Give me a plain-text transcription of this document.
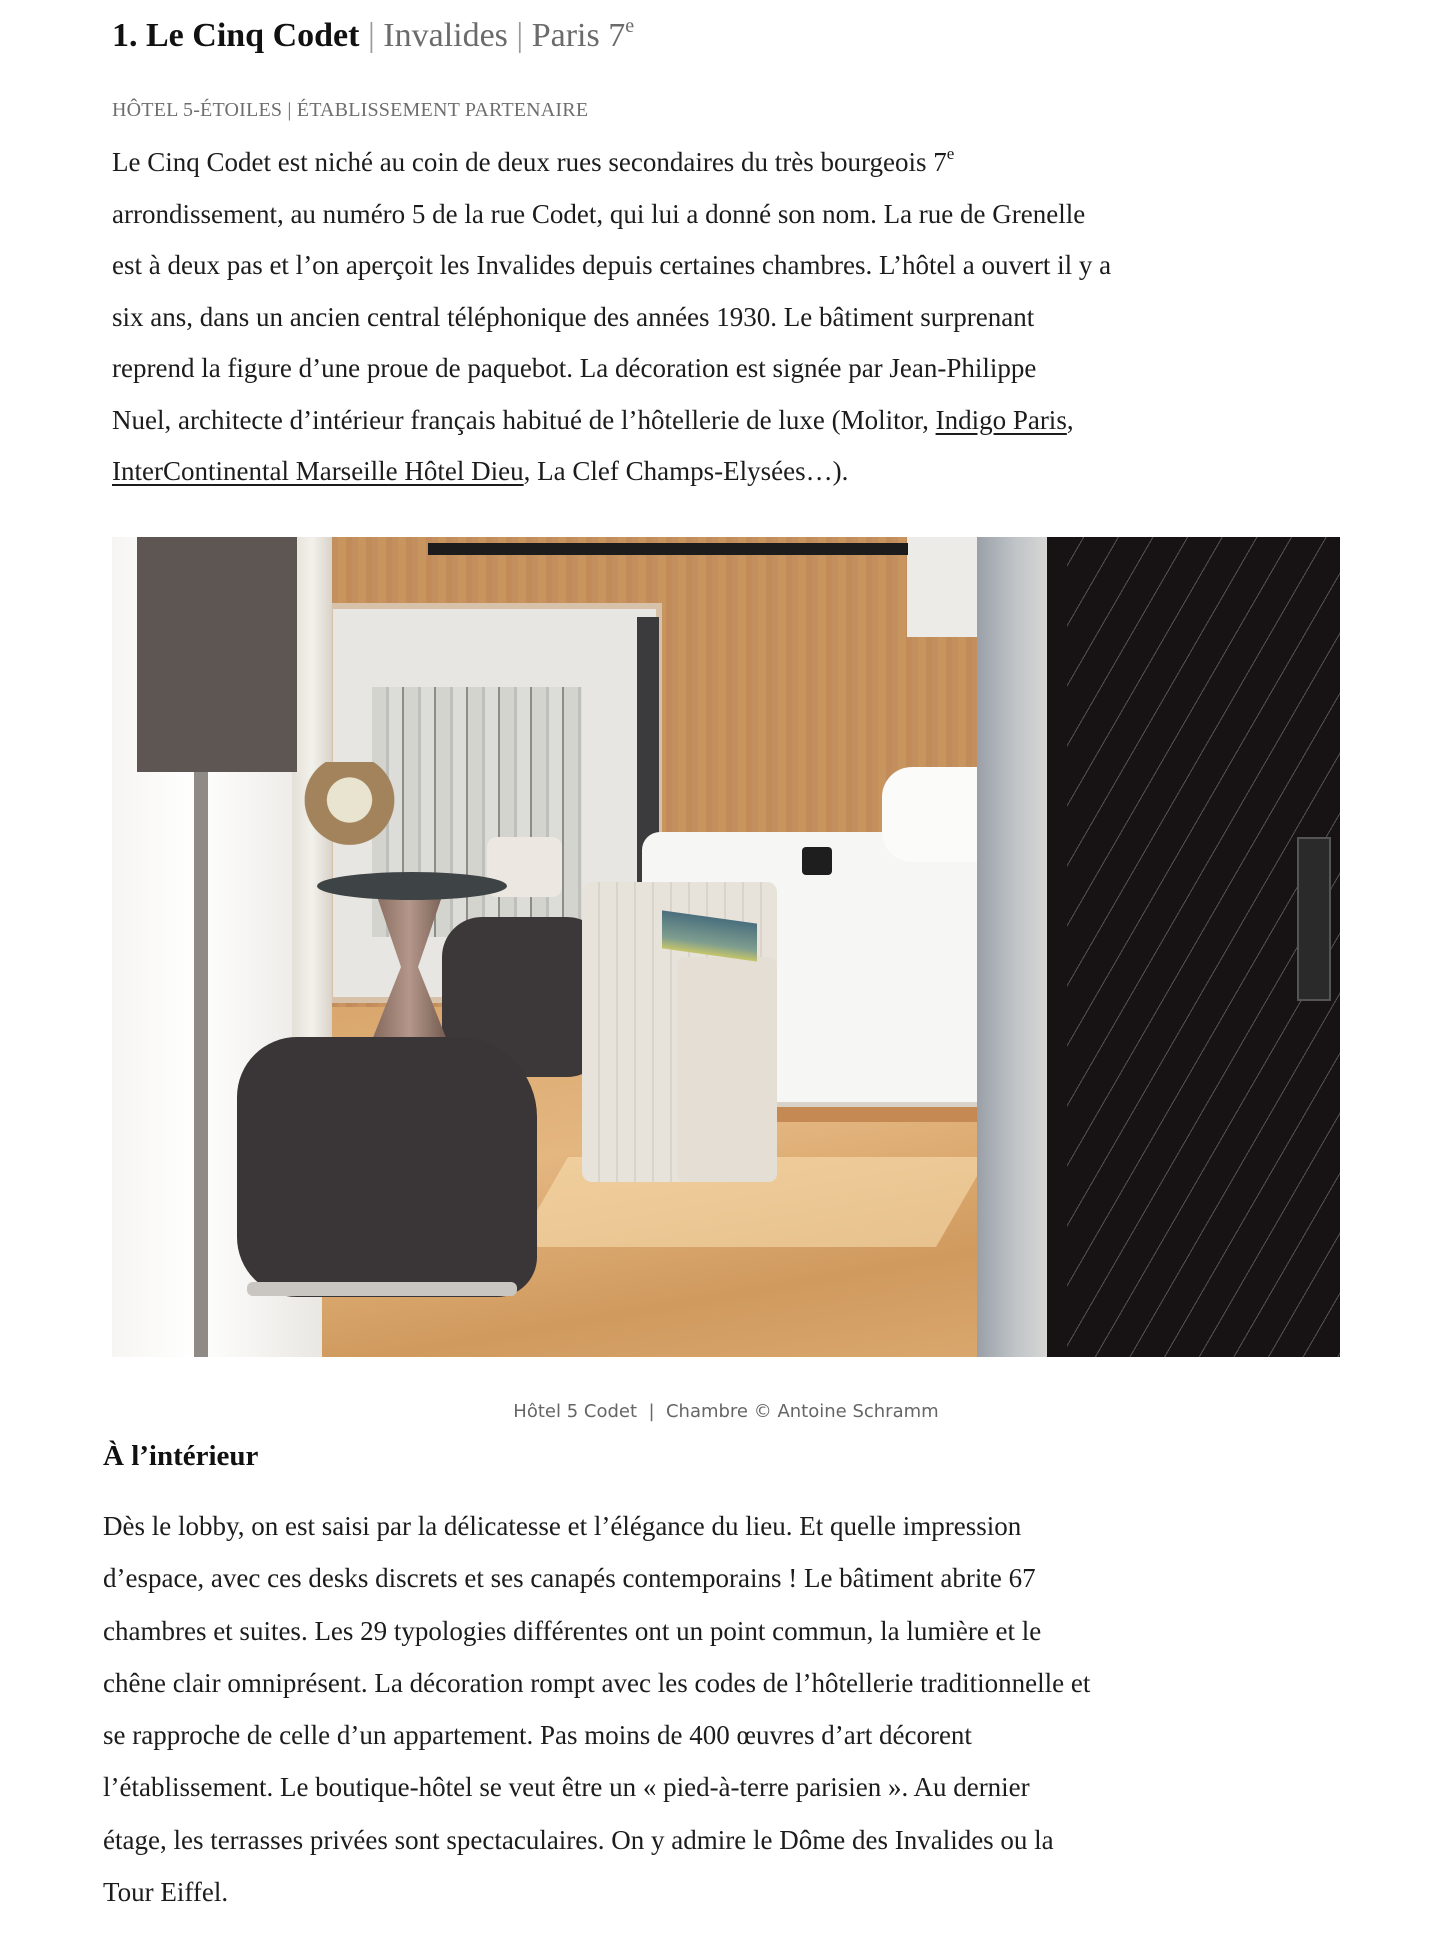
1. Le Cinq Codet | Invalides | Paris 7e

HÔTEL 5-ÉTOILES | ÉTABLISSEMENT PARTENAIRE

Le Cinq Codet est niché au coin de deux rues secondaires du très bourgeois 7e
arrondissement, au numéro 5 de la rue Codet, qui lui a donné son nom. La rue de Grenelle
est à deux pas et l’on aperçoit les Invalides depuis certaines chambres. L’hôtel a ouvert il y a
six ans, dans un ancien central téléphonique des années 1930. Le bâtiment surprenant
reprend la figure d’une proue de paquebot. La décoration est signée par Jean-Philippe
Nuel, architecte d’intérieur français habitué de l’hôtellerie de luxe (Molitor, Indigo Paris,
InterContinental Marseille Hôtel Dieu, La Clef Champs-Elysées…).

Hôtel 5 Codet  |  Chambre © Antoine Schramm

À l’intérieur

Dès le lobby, on est saisi par la délicatesse et l’élégance du lieu. Et quelle impression
d’espace, avec ces desks discrets et ses canapés contemporains ! Le bâtiment abrite 67
chambres et suites. Les 29 typologies différentes ont un point commun, la lumière et le
chêne clair omniprésent. La décoration rompt avec les codes de l’hôtellerie traditionnelle et
se rapproche de celle d’un appartement. Pas moins de 400 œuvres d’art décorent
l’établissement. Le boutique-hôtel se veut être un « pied-à-terre parisien ». Au dernier
étage, les terrasses privées sont spectaculaires. On y admire le Dôme des Invalides ou la
Tour Eiffel.
